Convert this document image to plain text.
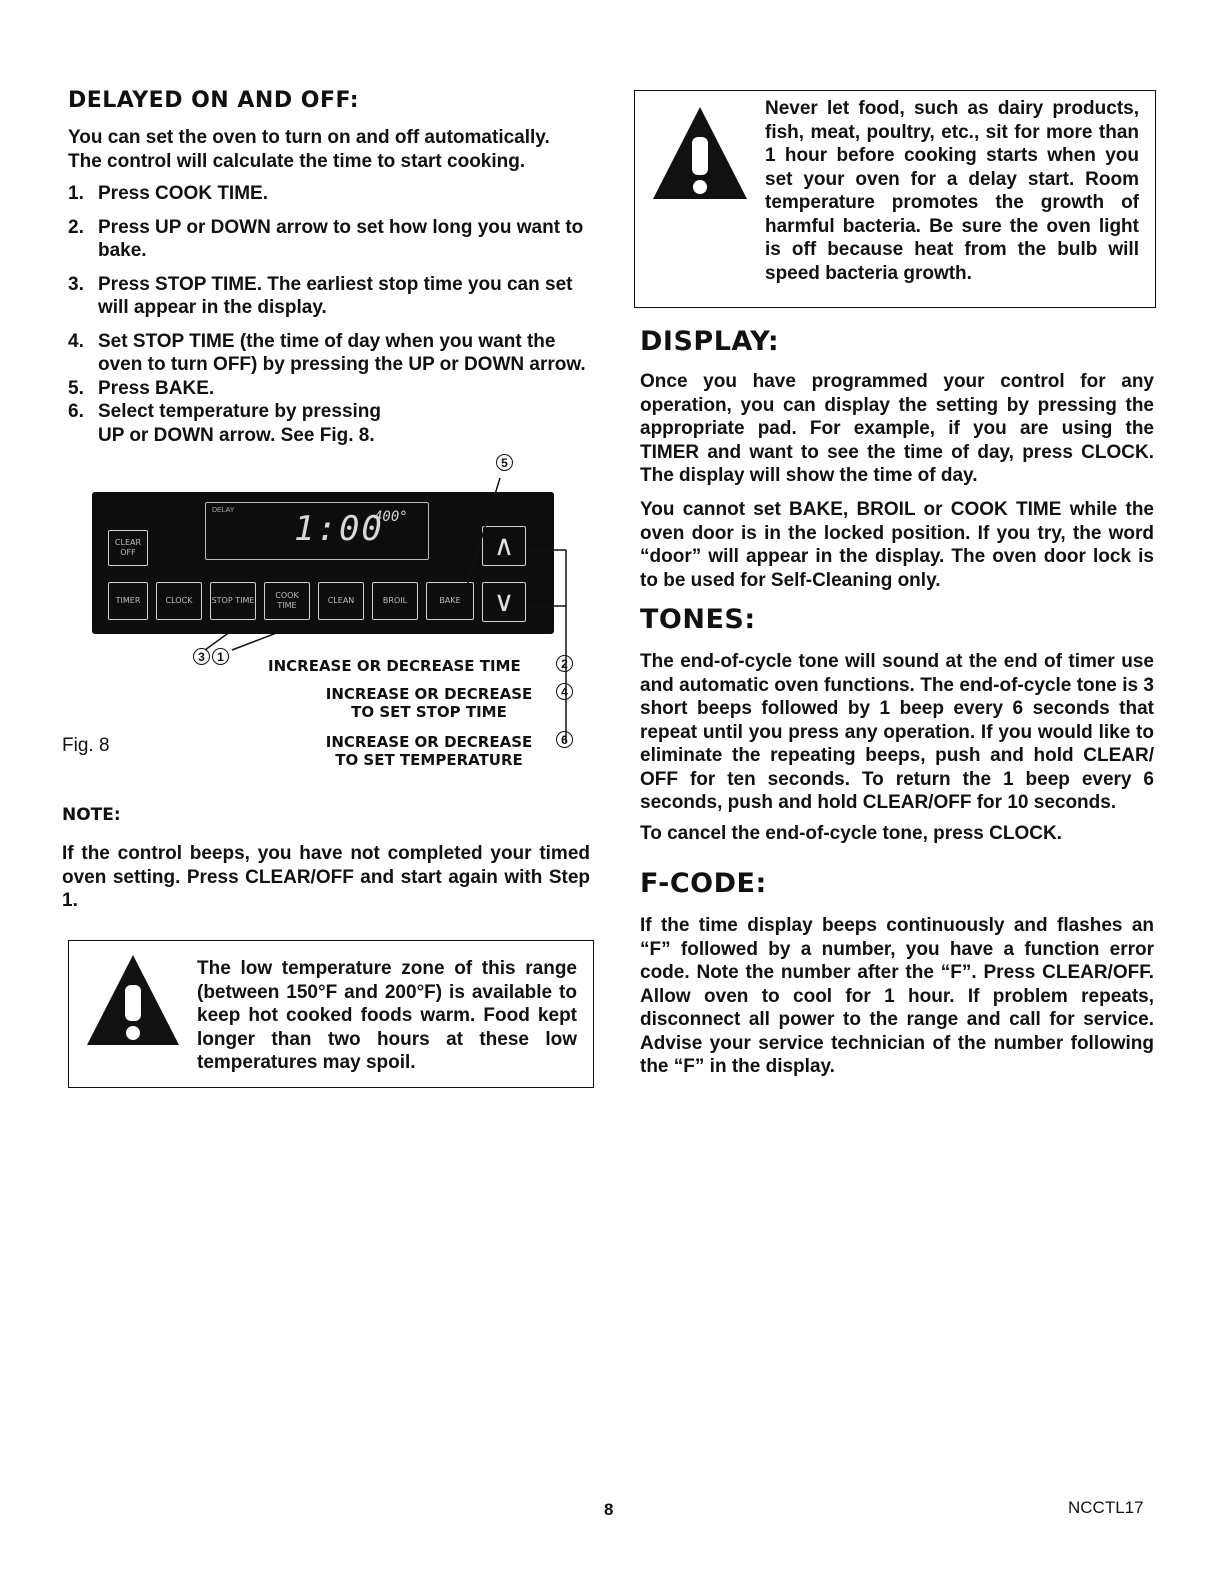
DELAYED ON AND OFF:
You can set the oven to turn on and off automatically. The control will calculate the time to start cooking.
1. Press COOK TIME.
2. Press UP or DOWN arrow to set how long you want to bake.
3. Press STOP TIME. The earliest stop time you can set will appear in the display.
4. Set STOP TIME (the time of day when you want the oven to turn OFF) by pressing the UP or DOWN arrow.
5. Press BAKE.
6. Select temperature by pressing UP or DOWN arrow. See Fig. 8.
5
DELAY 1:00
400°
CLEAR OFF
TIMER	CLOCK	STOP TIME
COOK TIME
CLEAN	BROIL	BAKE
∧
∨
3 1	INCREASE OR DECREASE TIME	2
INCREASE OR DECREASE	4
TO SET STOP TIME
Fig. 8	INCREASE OR DECREASE	6
TO SET TEMPERATURE
NOTE:
If the control beeps, you have not completed your timed oven setting. Press CLEAR/OFF and start again with Step 1.
The low temperature zone of this range (between 150°F and 200°F) is available to keep hot cooked foods warm. Food kept longer than two hours at these low temperatures may spoil.
Never let food, such as dairy products, fish, meat, poultry, etc., sit for more than 1 hour before cooking starts when you set your oven for a delay start. Room temperature promotes the growth of harmful bacteria. Be sure the oven light is off because heat from the bulb will speed bacteria growth.
DISPLAY:
Once you have programmed your control for any operation, you can display the setting by pressing the appropriate pad. For example, if you are using the TIMER and want to see the time of day, press CLOCK. The display will show the time of day.
You cannot set BAKE, BROIL or COOK TIME while the oven door is in the locked position. If you try, the word “door” will appear in the display. The oven door lock is to be used for Self-Cleaning only.
TONES:
The end-of-cycle tone will sound at the end of timer use and automatic oven functions. The end-of-cycle tone is 3 short beeps followed by 1 beep every 6 seconds that repeat until you press any operation. If you would like to eliminate the repeating beeps, push and hold CLEAR/ OFF for ten seconds. To return the 1 beep every 6 seconds, push and hold CLEAR/OFF for 10 seconds.
To cancel the end-of-cycle tone, press CLOCK.
F-CODE:
If the time display beeps continuously and flashes an “F” followed by a number, you have a function error code. Note the number after the “F”. Press CLEAR/OFF. Allow oven to cool for 1 hour. If problem repeats, disconnect all power to the range and call for service. Advise your service technician of the number following the “F” in the display.
8	NCCTL17
